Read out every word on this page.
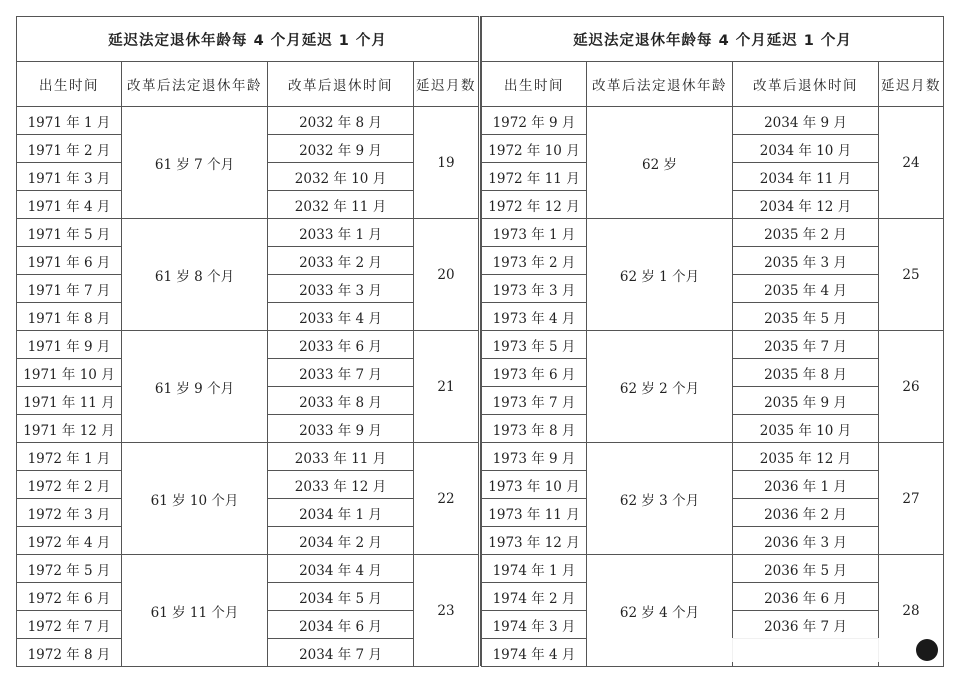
延迟法定退休年龄每 4 个月延迟 1 个月			
出生时间	改革后法定退休年龄	改革后退休时间	延迟月数
1971 年 1 月	61 岁 7 个月	2032 年 8 月	19
1971 年 2 月		2032 年 9 月	
1971 年 3 月		2032 年 10 月	
1971 年 4 月		2032 年 11 月	
1971 年 5 月	61 岁 8 个月	2033 年 1 月	20
1971 年 6 月		2033 年 2 月	
1971 年 7 月		2033 年 3 月	
1971 年 8 月		2033 年 4 月	
1971 年 9 月	61 岁 9 个月	2033 年 6 月	21
1971 年 10 月		2033 年 7 月	
1971 年 11 月		2033 年 8 月	
1971 年 12 月		2033 年 9 月	
1972 年 1 月	61 岁 10 个月	2033 年 11 月	22
1972 年 2 月		2033 年 12 月	
1972 年 3 月		2034 年 1 月	
1972 年 4 月		2034 年 2 月	
1972 年 5 月	61 岁 11 个月	2034 年 4 月	23
1972 年 6 月		2034 年 5 月	
1972 年 7 月		2034 年 6 月	
1972 年 8 月		2034 年 7 月	
延迟法定退休年龄每 4 个月延迟 1 个月			
出生时间	改革后法定退休年龄	改革后退休时间	延迟月数
1972 年 9 月	62 岁	2034 年 9 月	24
1972 年 10 月		2034 年 10 月	
1972 年 11 月		2034 年 11 月	
1972 年 12 月		2034 年 12 月	
1973 年 1 月	62 岁 1 个月	2035 年 2 月	25
1973 年 2 月		2035 年 3 月	
1973 年 3 月		2035 年 4 月	
1973 年 4 月		2035 年 5 月	
1973 年 5 月	62 岁 2 个月	2035 年 7 月	26
1973 年 6 月		2035 年 8 月	
1973 年 7 月		2035 年 9 月	
1973 年 8 月		2035 年 10 月	
1973 年 9 月	62 岁 3 个月	2035 年 12 月	27
1973 年 10 月		2036 年 1 月	
1973 年 11 月		2036 年 2 月	
1973 年 12 月		2036 年 3 月	
1974 年 1 月	62 岁 4 个月	2036 年 5 月	28
1974 年 2 月		2036 年 6 月	
1974 年 3 月		2036 年 7 月	
1974 年 4 月			
